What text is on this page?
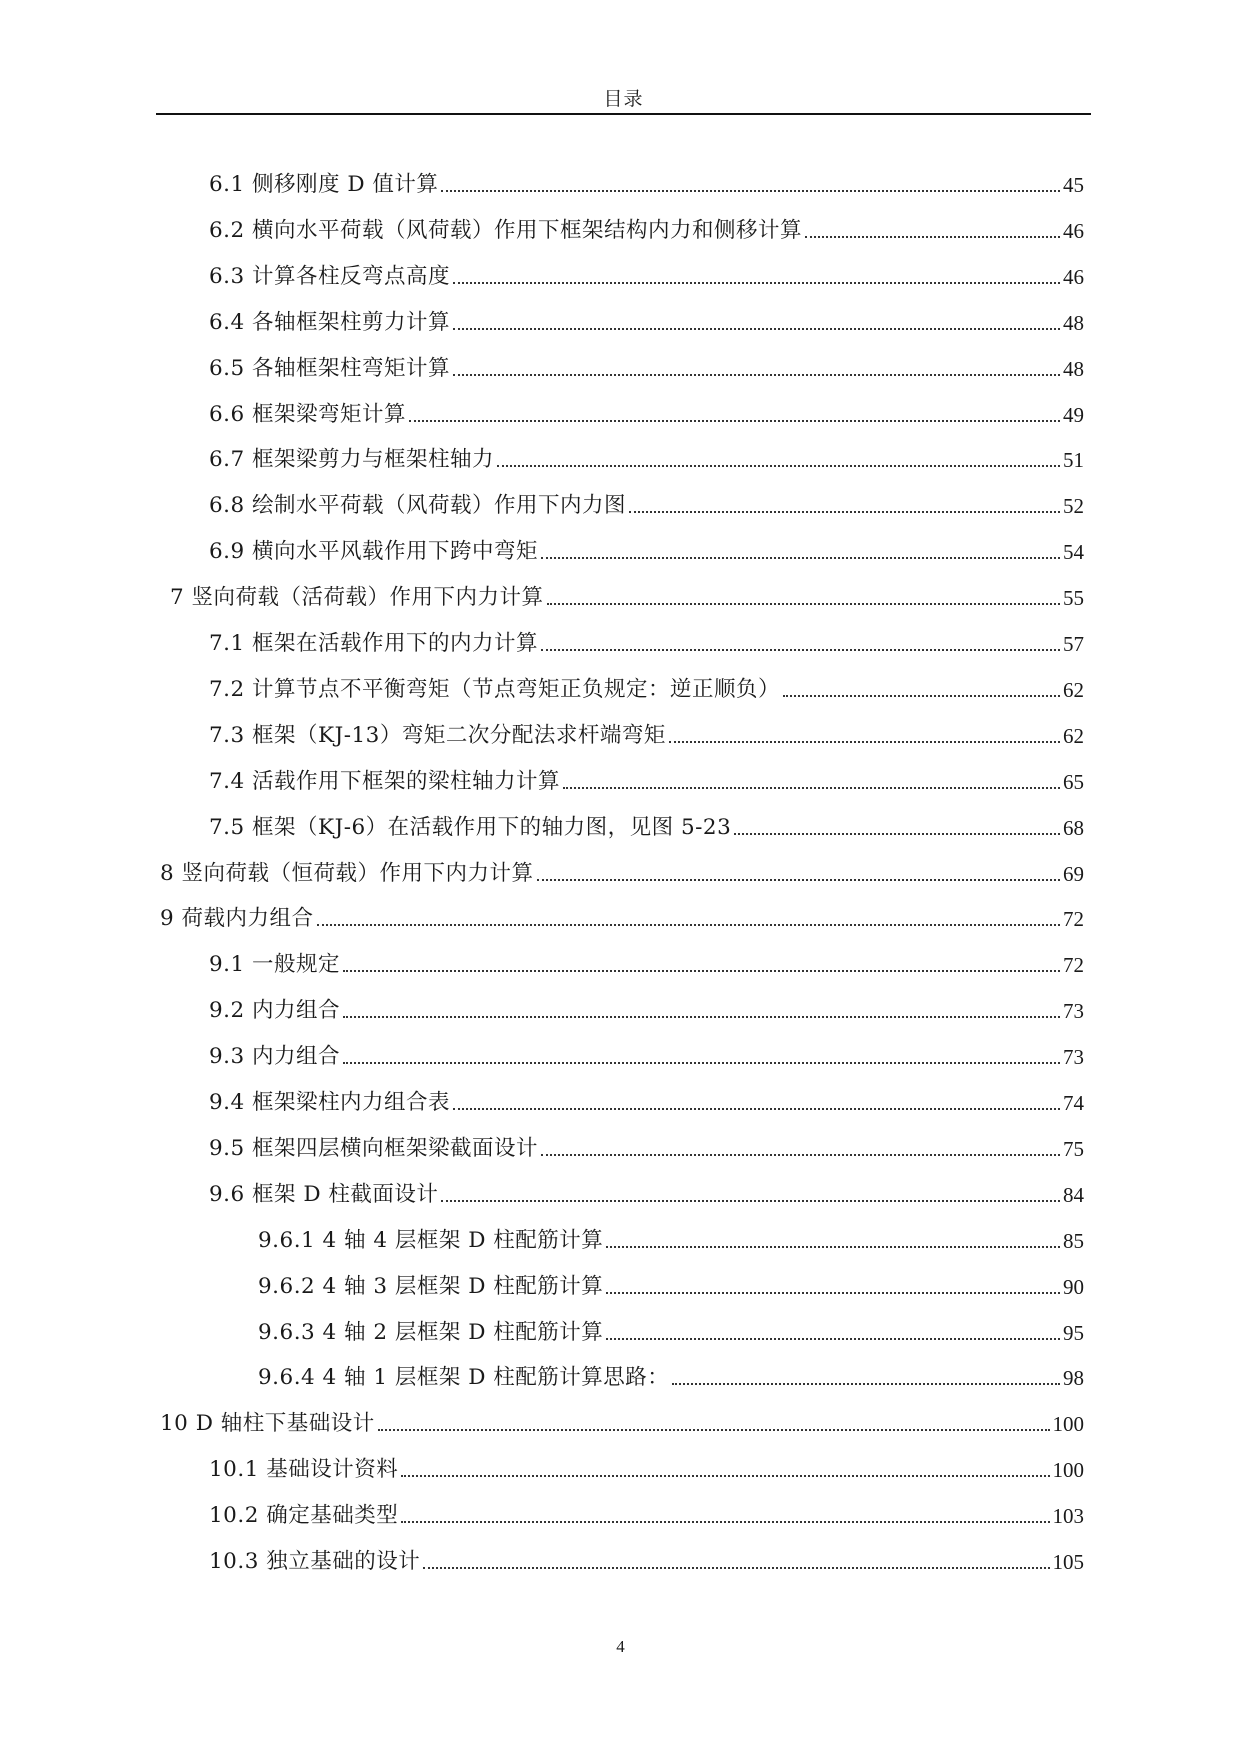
目录
6.1 侧移刚度 D 值计算	45
6.2 横向水平荷载（风荷载）作用下框架结构内力和侧移计算	46
6.3 计算各柱反弯点高度	46
6.4 各轴框架柱剪力计算	48
6.5 各轴框架柱弯矩计算	48
6.6 框架梁弯矩计算	49
6.7 框架梁剪力与框架柱轴力	51
6.8 绘制水平荷载（风荷载）作用下内力图	52
6.9 横向水平风载作用下跨中弯矩	54
7 竖向荷载（活荷载）作用下内力计算	55
7.1 框架在活载作用下的内力计算	57
7.2 计算节点不平衡弯矩（节点弯矩正负规定：逆正顺负）	62
7.3 框架（KJ-13）弯矩二次分配法求杆端弯矩	62
7.4 活载作用下框架的梁柱轴力计算	65
7.5 框架（KJ-6）在活载作用下的轴力图，见图 5-23	68
8 竖向荷载（恒荷载）作用下内力计算	69
9 荷载内力组合	72
9.1 一般规定	72
9.2 内力组合	73
9.3 内力组合	73
9.4 框架梁柱内力组合表	74
9.5 框架四层横向框架梁截面设计	75
9.6 框架 D 柱截面设计	84
9.6.1 4 轴 4 层框架 D 柱配筋计算	85
9.6.2 4 轴 3 层框架 D 柱配筋计算	90
9.6.3 4 轴 2 层框架 D 柱配筋计算	95
9.6.4 4 轴 1 层框架 D 柱配筋计算思路：	98
10 D 轴柱下基础设计	100
10.1 基础设计资料	100
10.2 确定基础类型	103
10.3 独立基础的设计	105
4
